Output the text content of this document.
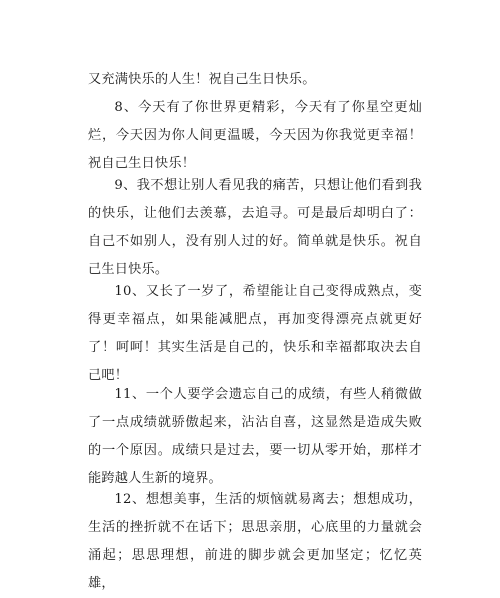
又充满快乐的人生！祝自己生日快乐。

8、今天有了你世界更精彩，今天有了你星空更灿烂，今天因为你人间更温暖，今天因为你我觉更幸福！祝自己生日快乐！

9、我不想让别人看见我的痛苦，只想让他们看到我的快乐，让他们去羡慕，去追寻。可是最后却明白了：自己不如别人，没有别人过的好。简单就是快乐。祝自己生日快乐。

10、又长了一岁了，希望能让自己变得成熟点，变得更幸福点，如果能减肥点，再加变得漂亮点就更好了！呵呵！其实生活是自己的，快乐和幸福都取决去自己吧！

11、一个人要学会遗忘自己的成绩，有些人稍微做了一点成绩就骄傲起来，沾沾自喜，这显然是造成失败的一个原因。成绩只是过去，要一切从零开始，那样才能跨越人生新的境界。

12、想想美事，生活的烦恼就易离去；想想成功，生活的挫折就不在话下；思思亲朋，心底里的力量就会涌起；思思理想，前进的脚步就会更加坚定；忆忆英雄，
